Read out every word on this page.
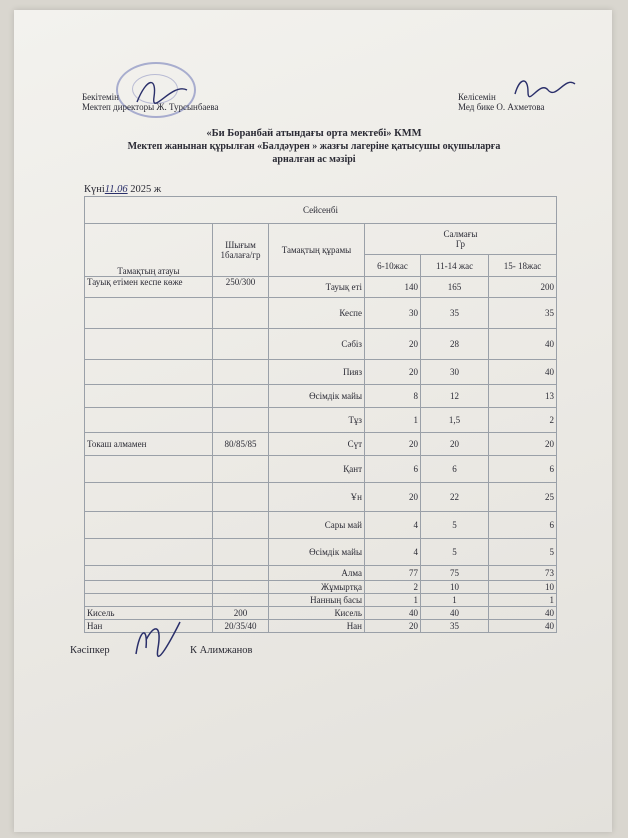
Бекітемін
Мектеп директоры Ж. Турсынбаева
Келісемін
Мед бике О. Ахметова
«Би Боранбай атындағы орта мектебі» КММ
Мектеп жанынан құрылған «Балдәурен » жазғы лагеріне қатысушы оқушыларға
арналған ас мәзірі
Күні11.06 2025 ж
Сейсенбі					
Тамақтың атауы	Шығым 1балаға/гр	Тамақтың құрамы	Салмағы
Гр		

			6-10жас	11-14 жас	15- 18жас
Тауық етімен кеспе көже	250/300	Тауық еті	140	165	200
		Кеспе	30	35	35
		Сәбіз	20	28	40
		Пияз	20	30	40
		Өсімдік майы	8	12	13
		Тұз	1	1,5	2
Токаш алмамен	80/85/85	Сүт	20	20	20
		Қант	6	6	6
		Ұн	20	22	25
		Сары май	4	5	6
		Өсімдік майы	4	5	5
		Алма	77	75	73
		Жұмыртқа	2	10	10
		Нанның басы	1	1	1
Кисель	200	Кисель	40	40	40
Нан	20/35/40	Нан	20	35	40
Кәсіпкер	К Алимжанов
